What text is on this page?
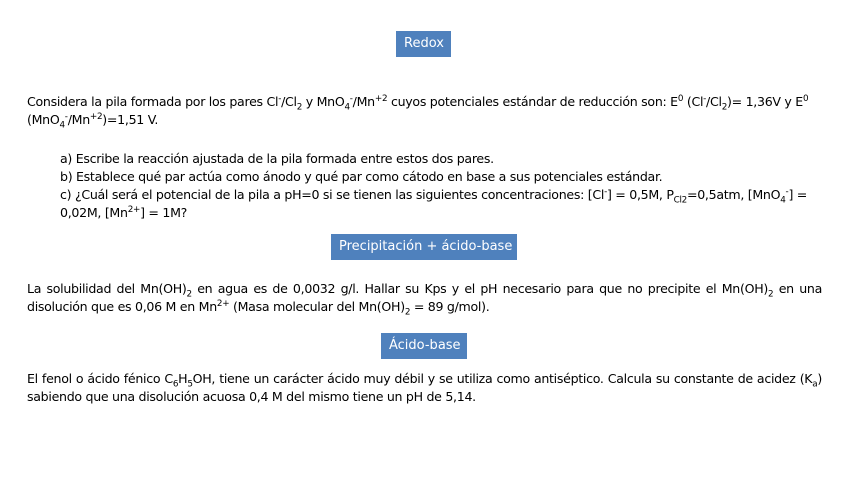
Redox
Considera la pila formada por los pares $Cl^-/Cl_2$ y $MnO_4^-/Mn^{+2}$ cuyos potenciales estándar de reducción son: $E^0$ $(Cl^-/Cl_2)= 1,36V$ y $E^0$ $(MnO_4^-/Mn^{+2})=1,51$ V.
a) Escribe la reacción ajustada de la pila formada entre estos dos pares.
b) Establece qué par actúa como ánodo y qué par como cátodo en base a sus potenciales estándar.
c) ¿Cuál será el potencial de la pila a pH=0 si se tienen las siguientes concentraciones: [Cl-] = 0,5M, $P_{Cl2}=0,5atm$, [MnO$_4$-] = 0,02M, $[Mn^{2+}] = 1M$?
Precipitación + ácido-base
La solubilidad del $Mn(OH)_2$ en agua es de 0,0032 g/l. Hallar su Kps y el pH necesario para que no precipite el $Mn(OH)_2$ en una disolución que es 0,06 M en $Mn^{2+}$ (Masa molecular del $Mn(OH)_2 = 89$ g/mol).
Ácido-base
El fenol o ácido fénico $C_6H_5OH$, tiene un carácter ácido muy débil y se utiliza como antiséptico. Calcula su constante de acidez $(K_a)$ sabiendo que una disolución acuosa 0,4 M del mismo tiene un pH de 5,14.
